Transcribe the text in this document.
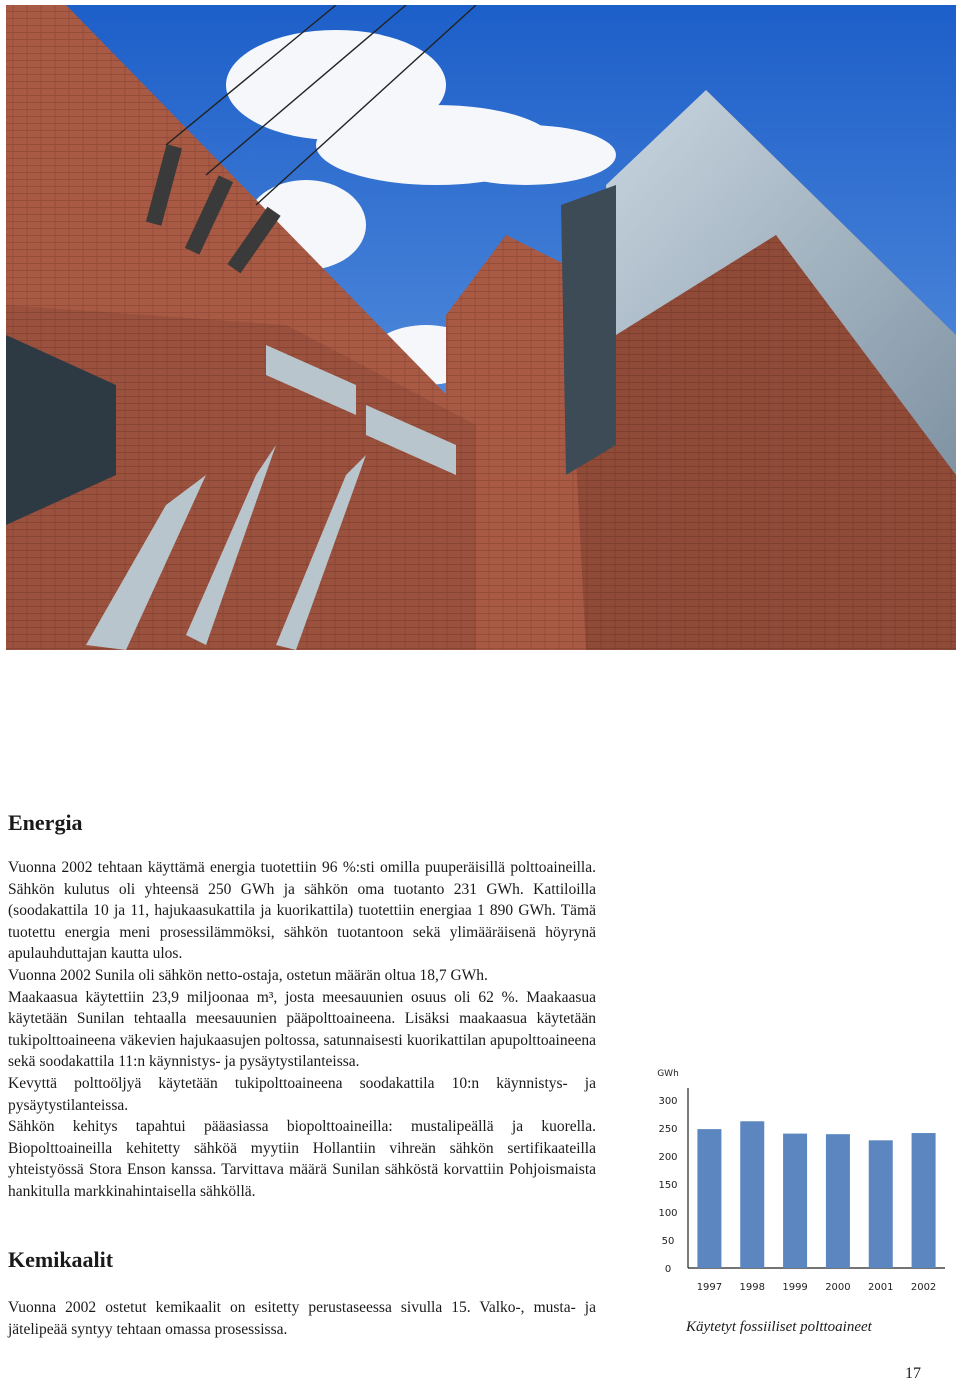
Energia

Vuonna 2002 tehtaan käyttämä energia tuotettiin 96 %:sti omilla puuperäisillä polttoaineilla. Sähkön kulutus oli yhteensä 250 GWh ja sähkön oma tuotanto 231 GWh. Kattiloilla (soodakattila 10 ja 11, hajukaasukattila ja kuorikattila) tuotettiin energiaa 1 890 GWh. Tämä tuotettu energia meni prosessilämmöksi, sähkön tuotantoon sekä ylimääräisenä höyrynä apulauhduttajan kautta ulos.

Vuonna 2002 Sunila oli sähkön netto-ostaja, ostetun määrän oltua 18,7 GWh.

Maakaasua käytettiin 23,9 miljoonaa m³, josta meesauunien osuus oli 62 %. Maakaasua käytetään Sunilan tehtaalla meesauunien pääpolttoaineena. Lisäksi maakaasua käytetään tukipolttoaineena väkevien hajukaasujen poltossa, satunnaisesti kuorikattilan apupolttoaineena sekä soodakattila 11:n käynnistys- ja pysäytystilanteissa.

Kevyttä polttoöljyä käytetään tukipolttoaineena soodakattila 10:n käynnistys- ja pysäytystilanteissa.

Sähkön kehitys tapahtui pääasiassa biopolttoaineilla: mustalipeällä ja kuorella. Biopolttoaineilla kehitetty sähköä myytiin Hollantiin vihreän sähkön sertifikaateilla yhteistyössä Stora Enson kanssa. Tarvittava määrä Sunilan sähköstä korvattiin Pohjoismaista hankitulla markkinahintaisella sähköllä.

Kemikaalit

Vuonna 2002 ostetut kemikaalit on esitetty perustaseessa sivulla 15. Valko-, musta- ja jätelipeää syntyy tehtaan omassa prosessissa.

GWh
0
50
100
150
200
250
300
1997 1998 1999 2000 2001 2002
Käytetyt fossiiliset polttoaineet
17
